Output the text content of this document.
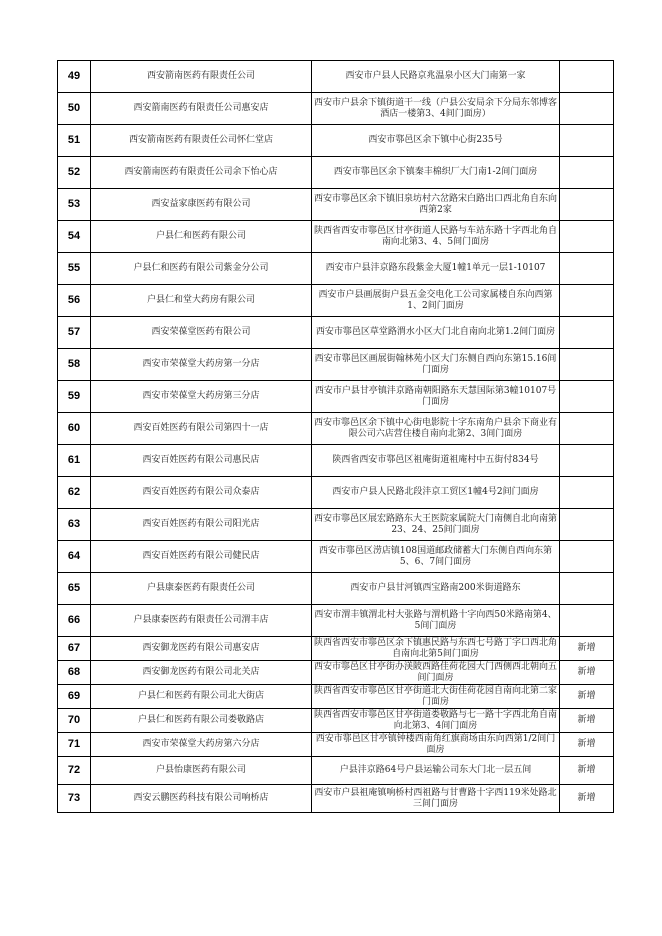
49	西安箭南医药有限责任公司	西安市户县人民路京兆温泉小区大门南第一家	
50	西安箭南医药有限责任公司惠安店	西安市户县余下镇街道干一线（户县公安局余下分局东邻博客酒店一楼第3、4间门面房）	
51	西安箭南医药有限责任公司怀仁堂店	西安市鄠邑区余下镇中心街235号	
52	西安箭南医药有限责任公司余下怡心店	西安市鄠邑区余下镇秦丰棉织厂大门南1-2间门面房	
53	西安益家康医药有限公司	西安市鄠邑区余下镇旧泉坊村六岔路宋白路出口西北角自东向西第2家	
54	户县仁和医药有限公司	陕西省西安市鄠邑区甘亭街道人民路与车站东路十字西北角自南向北第3、4、5间门面房	
55	户县仁和医药有限公司紫金分公司	西安市户县沣京路东段紫金大厦1幢1单元一层1-10107	
56	户县仁和堂大药房有限公司	西安市户县画展街户县五金交电化工公司家属楼自东向西第1、2间门面房	
57	西安荣葆堂医药有限公司	西安市鄠邑区草堂路渭水小区大门北自南向北第1.2间门面房	
58	西安市荣葆堂大药房第一分店	西安市鄠邑区画展街翰林苑小区大门东侧自西向东第15.16间门面房	
59	西安市荣葆堂大药房第三分店	西安市户县甘亭镇沣京路南朝阳路东天慧国际第3幢10107号门面房	
60	西安百姓医药有限公司第四十一店	西安市鄠邑区余下镇中心街电影院十字东南角户县余下商业有限公司六店营住楼自南向北第2、3间门面房	
61	西安百姓医药有限公司惠民店	陕西省西安市鄠邑区祖庵街道祖庵村中五街付834号	
62	西安百姓医药有限公司众泰店	西安市户县人民路北段沣京工贸区1幢4号2间门面房	
63	西安百姓医药有限公司阳光店	西安市鄠邑区展宏路路东大王医院家属院大门南侧自北向南第23、24、25间门面房	
64	西安百姓医药有限公司健民店	西安市鄠邑区涝店镇108国道邮政储蓄大门东侧自西向东第5、6、7间门面房	
65	户县康泰医药有限责任公司	西安市户县甘河镇西宝路南200米街道路东	
66	户县康泰医药有限责任公司渭丰店	西安市渭丰镇渭北村大张路与渭机路十字向西50米路南第4、5间门面房	
67	西安御龙医药有限公司惠安店	陕西省西安市鄠邑区余下镇惠民路与东西七号路丁字口西北角自南向北第5间门面房	新增
68	西安御龙医药有限公司北关店	西安市鄠邑区甘亭街办渼陂西路佳荷花园大门西侧西北朝向五间门面房	新增
69	户县仁和医药有限公司北大街店	陕西省西安市鄠邑区甘亭街道北大街佳荷花园自南向北第二家门面房	新增
70	户县仁和医药有限公司娄敬路店	陕西省西安市鄠邑区甘亭街道娄敬路与七一路十字西北角自南向北第3、4间门面房	新增
71	西安市荣葆堂大药房第六分店	西安市鄠邑区甘亭镇钟楼西南角红旗商场由东向西第1/2间门面房	新增
72	户县怡康医药有限公司	户县沣京路64号户县运输公司东大门北一层五间	新增
73	西安云鹏医药科技有限公司响桥店	西安市户县祖庵镇响桥村西祖路与甘曹路十字西119米处路北三间门面房	新增
